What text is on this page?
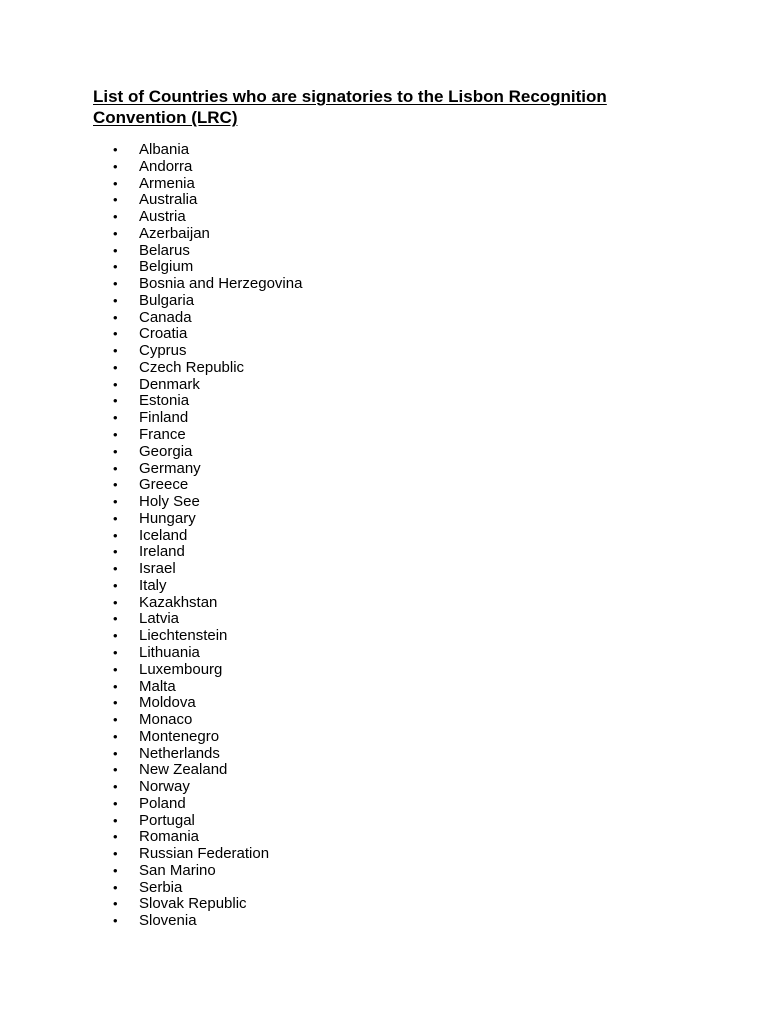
List of Countries who are signatories to the Lisbon Recognition Convention (LRC)
•	Albania
•	Andorra
•	Armenia
•	Australia
•	Austria
•	Azerbaijan
•	Belarus
•	Belgium
•	Bosnia and Herzegovina
•	Bulgaria
•	Canada
•	Croatia
•	Cyprus
•	Czech Republic
•	Denmark
•	Estonia
•	Finland
•	France
•	Georgia
•	Germany
•	Greece
•	Holy See
•	Hungary
•	Iceland
•	Ireland
•	Israel
•	Italy
•	Kazakhstan
•	Latvia
•	Liechtenstein
•	Lithuania
•	Luxembourg
•	Malta
•	Moldova
•	Monaco
•	Montenegro
•	Netherlands
•	New Zealand
•	Norway
•	Poland
•	Portugal
•	Romania
•	Russian Federation
•	San Marino
•	Serbia
•	Slovak Republic
•	Slovenia
